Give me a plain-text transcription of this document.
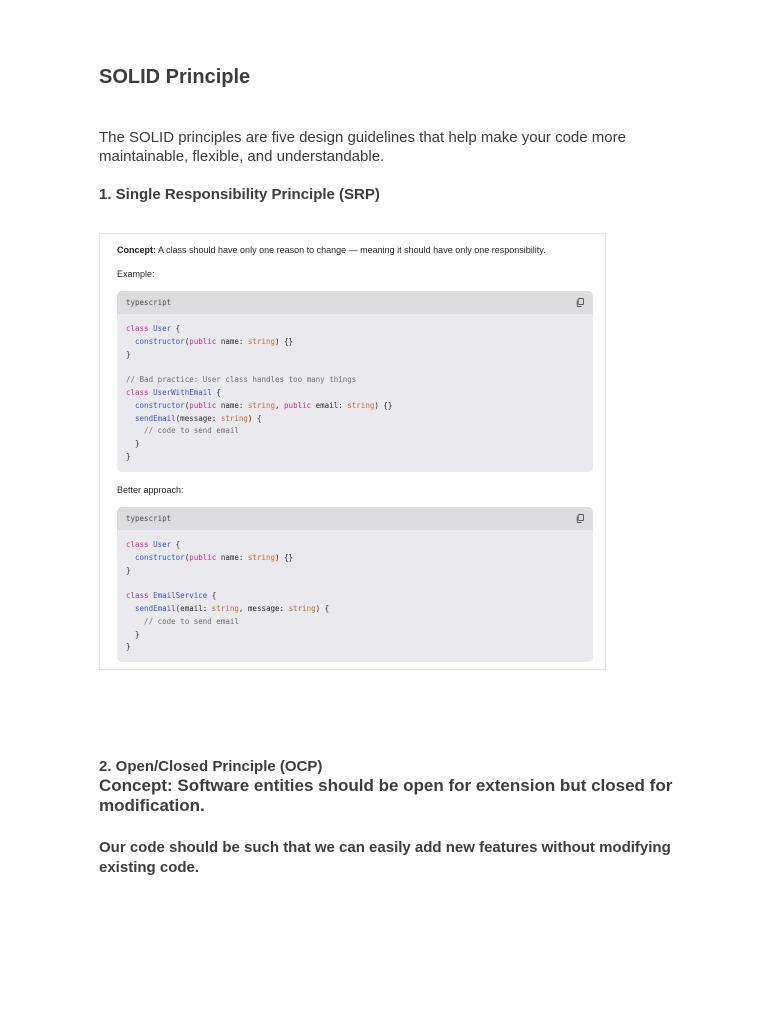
SOLID Principle

The SOLID principles are five design guidelines that help make your code more maintainable, flexible, and understandable.

1. Single Responsibility Principle (SRP)
Concept: A class should have only one reason to change — meaning it should have only one responsibility.
Example:
typescript
class User {
constructor(public name: string) {}
}

// Bad practice: User class handles too many things
class UserWithEmail {
constructor(public name: string, public email: string) {}
sendEmail(message: string) {
// code to send email
}
}
Better approach:
typescript
class User {
constructor(public name: string) {}
}

class EmailService {
sendEmail(email: string, message: string) {
// code to send email
}
}
2. Open/Closed Principle (OCP)

Concept: Software entities should be open for extension but closed for modification.

Our code should be such that we can easily add new features without modifying existing code.
